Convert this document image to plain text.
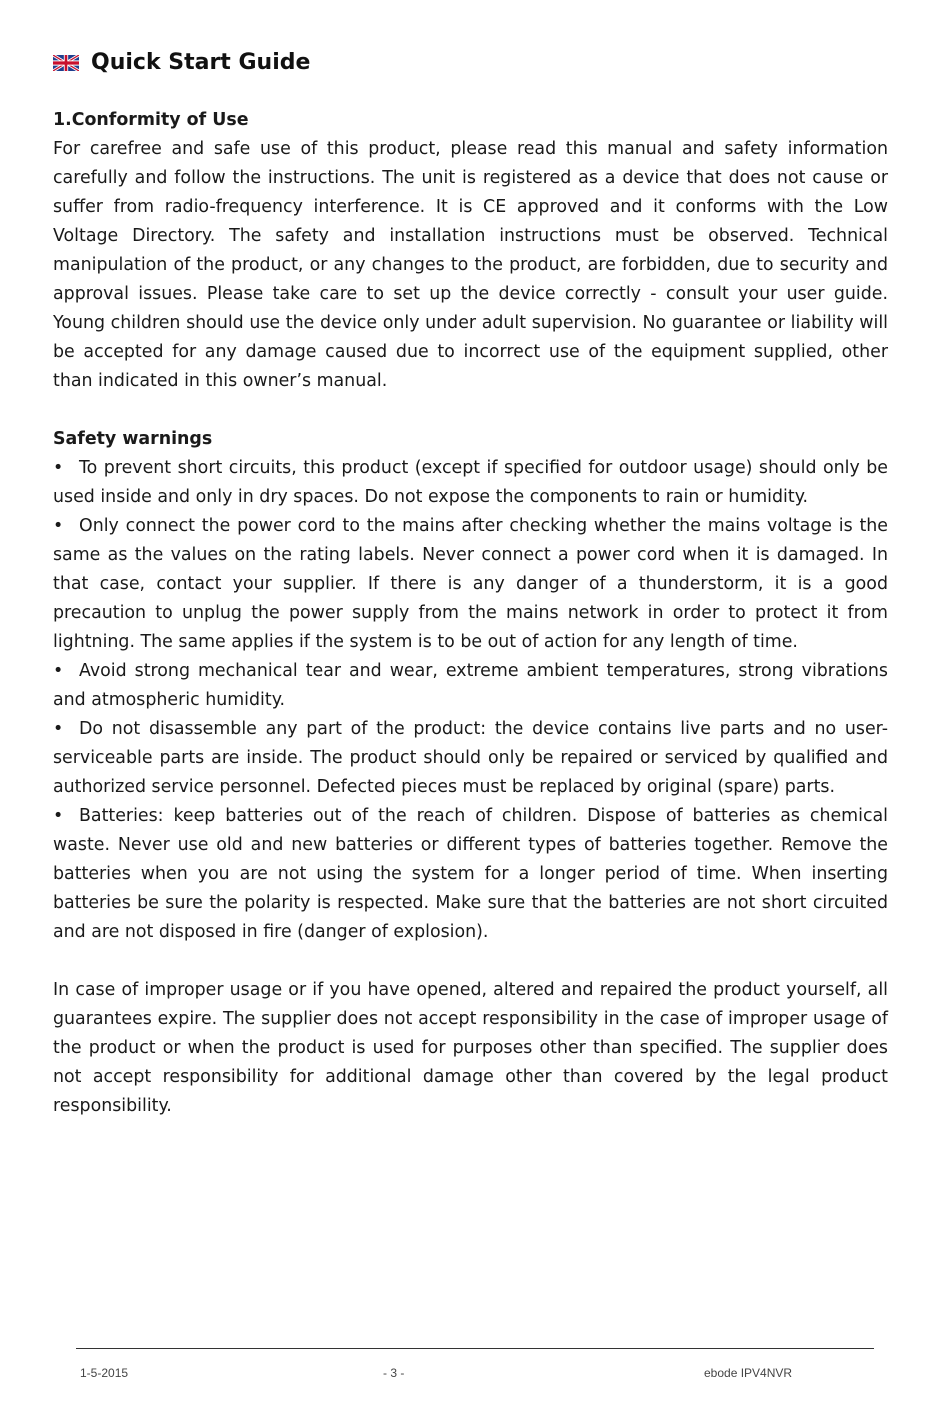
Quick Start Guide
1.Conformity of Use

For carefree and safe use of this product, please read this manual and safety information carefully and follow the instructions. The unit is registered as a device that does not cause or suffer from radio-frequency interference. It is CE approved and it conforms with the Low Voltage Directory. The safety and installation instructions must be observed. Technical manipulation of the product, or any changes to the product, are forbidden, due to security and approval issues. Please take care to set up the device correctly - consult your user guide. Young children should use the device only under adult supervision. No guarantee or liability will be accepted for any damage caused due to incorrect use of the equipment supplied, other than indicated in this owner’s manual.

Safety warnings

• To prevent short circuits, this product (except if specified for outdoor usage) should only be used inside and only in dry spaces. Do not expose the components to rain or humidity.

• Only connect the power cord to the mains after checking whether the mains voltage is the same as the values on the rating labels. Never connect a power cord when it is damaged. In that case, contact your supplier. If there is any danger of a thunderstorm, it is a good precaution to unplug the power supply from the mains network in order to protect it from lightning. The same applies if the system is to be out of action for any length of time.

• Avoid strong mechanical tear and wear, extreme ambient temperatures, strong vibrations and atmospheric humidity.

• Do not disassemble any part of the product: the device contains live parts and no user-serviceable parts are inside. The product should only be repaired or serviced by qualified and authorized service personnel. Defected pieces must be replaced by original (spare) parts.

• Batteries: keep batteries out of the reach of children. Dispose of batteries as chemical waste. Never use old and new batteries or different types of batteries together. Remove the batteries when you are not using the system for a longer period of time. When inserting batteries be sure the polarity is respected. Make sure that the batteries are not short circuited and are not disposed in fire (danger of explosion).

In case of improper usage or if you have opened, altered and repaired the product yourself, all guarantees expire. The supplier does not accept responsibility in the case of improper usage of the product or when the product is used for purposes other than specified. The supplier does not accept responsibility for additional damage other than covered by the legal product responsibility.

1-5-2015	- 3 -	ebode IPV4NVR
